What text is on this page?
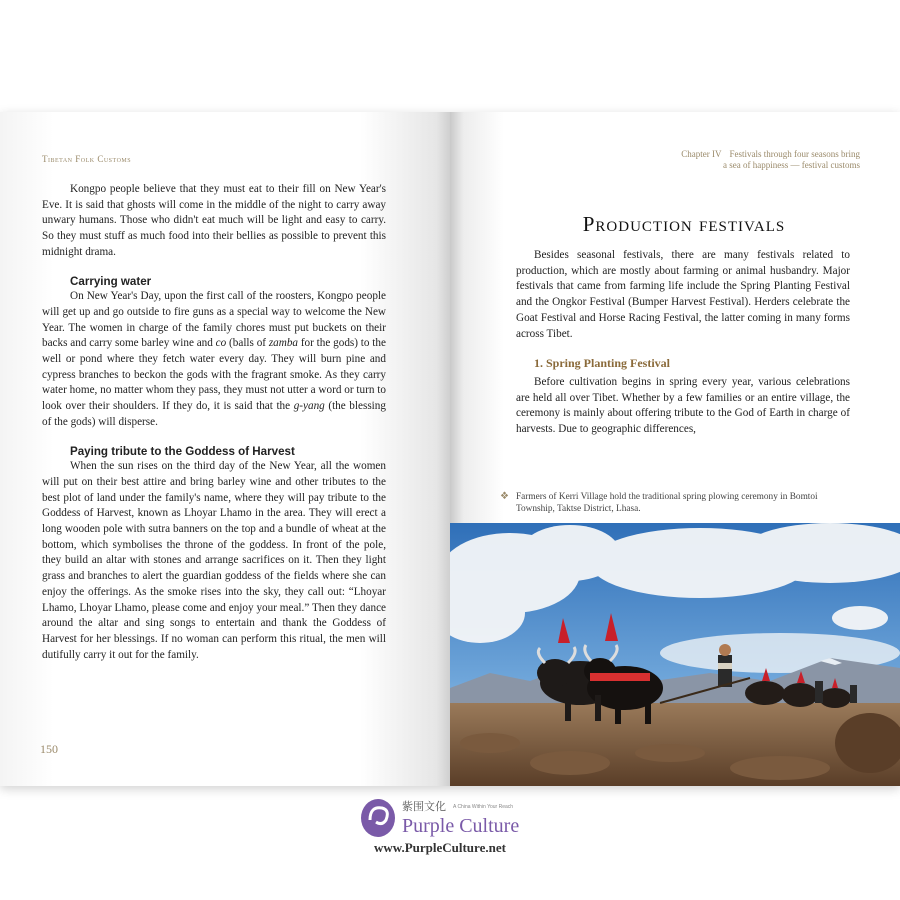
Tibetan Folk Customs

Kongpo people believe that they must eat to their fill on New Year's Eve. It is said that ghosts will come in the middle of the night to carry away unwary humans. Those who didn't eat much will be light and easy to carry. So they must stuff as much food into their bellies as possible to prevent this midnight drama.

Carrying water

On New Year's Day, upon the first call of the roosters, Kongpo people will get up and go outside to fire guns as a special way to welcome the New Year. The women in charge of the family chores must put buckets on their backs and carry some barley wine and co (balls of zamba for the gods) to the well or pond where they fetch water every day. They will burn pine and cypress branches to beckon the gods with the fragrant smoke. As they carry water home, no matter whom they pass, they must not utter a word or turn to look over their shoulders. If they do, it is said that the g-yang (the blessing of the gods) will disperse.

Paying tribute to the Goddess of Harvest

When the sun rises on the third day of the New Year, all the women will put on their best attire and bring barley wine and other tributes to the best plot of land under the family's name, where they will pay tribute to the Goddess of Harvest, known as Lhoyar Lhamo in the area. They will erect a long wooden pole with sutra banners on the top and a bundle of wheat at the bottom, which symbolises the throne of the goddess. In front of the pole, they build an altar with stones and arrange sacrifices on it. Then they light grass and branches to alert the guardian goddess of the fields where she can enjoy the offerings. As the smoke rises into the sky, they call out: “Lhoyar Lhamo, Lhoyar Lhamo, please come and enjoy your meal.” Then they dance around the altar and sing songs to entertain and thank the Goddess of Harvest for her blessings. If no woman can perform this ritual, the men will dutifully carry it out for the family.

150
Chapter IV Festivals through four seasons bring
a sea of happiness — festival customs
Production festivals

Besides seasonal festivals, there are many festivals related to production, which are mostly about farming or animal husbandry. Major festivals that came from farming life include the Spring Planting Festival and the Ongkor Festival (Bumper Harvest Festival). Herders celebrate the Goat Festival and Horse Racing Festival, the latter coming in many forms across Tibet.

1. Spring Planting Festival

Before cultivation begins in spring every year, various celebrations are held all over Tibet. Whether by a few families or an entire village, the ceremony is mainly about offering tribute to the God of Earth in charge of harvests. Due to geographic differences,

❖ Farmers of Kerri Village hold the traditional spring plowing ceremony in Bomtoi Township, Taktse District, Lhasa.
紫围文化 A China Within Your Reach
Purple Culture
www.PurpleCulture.net
